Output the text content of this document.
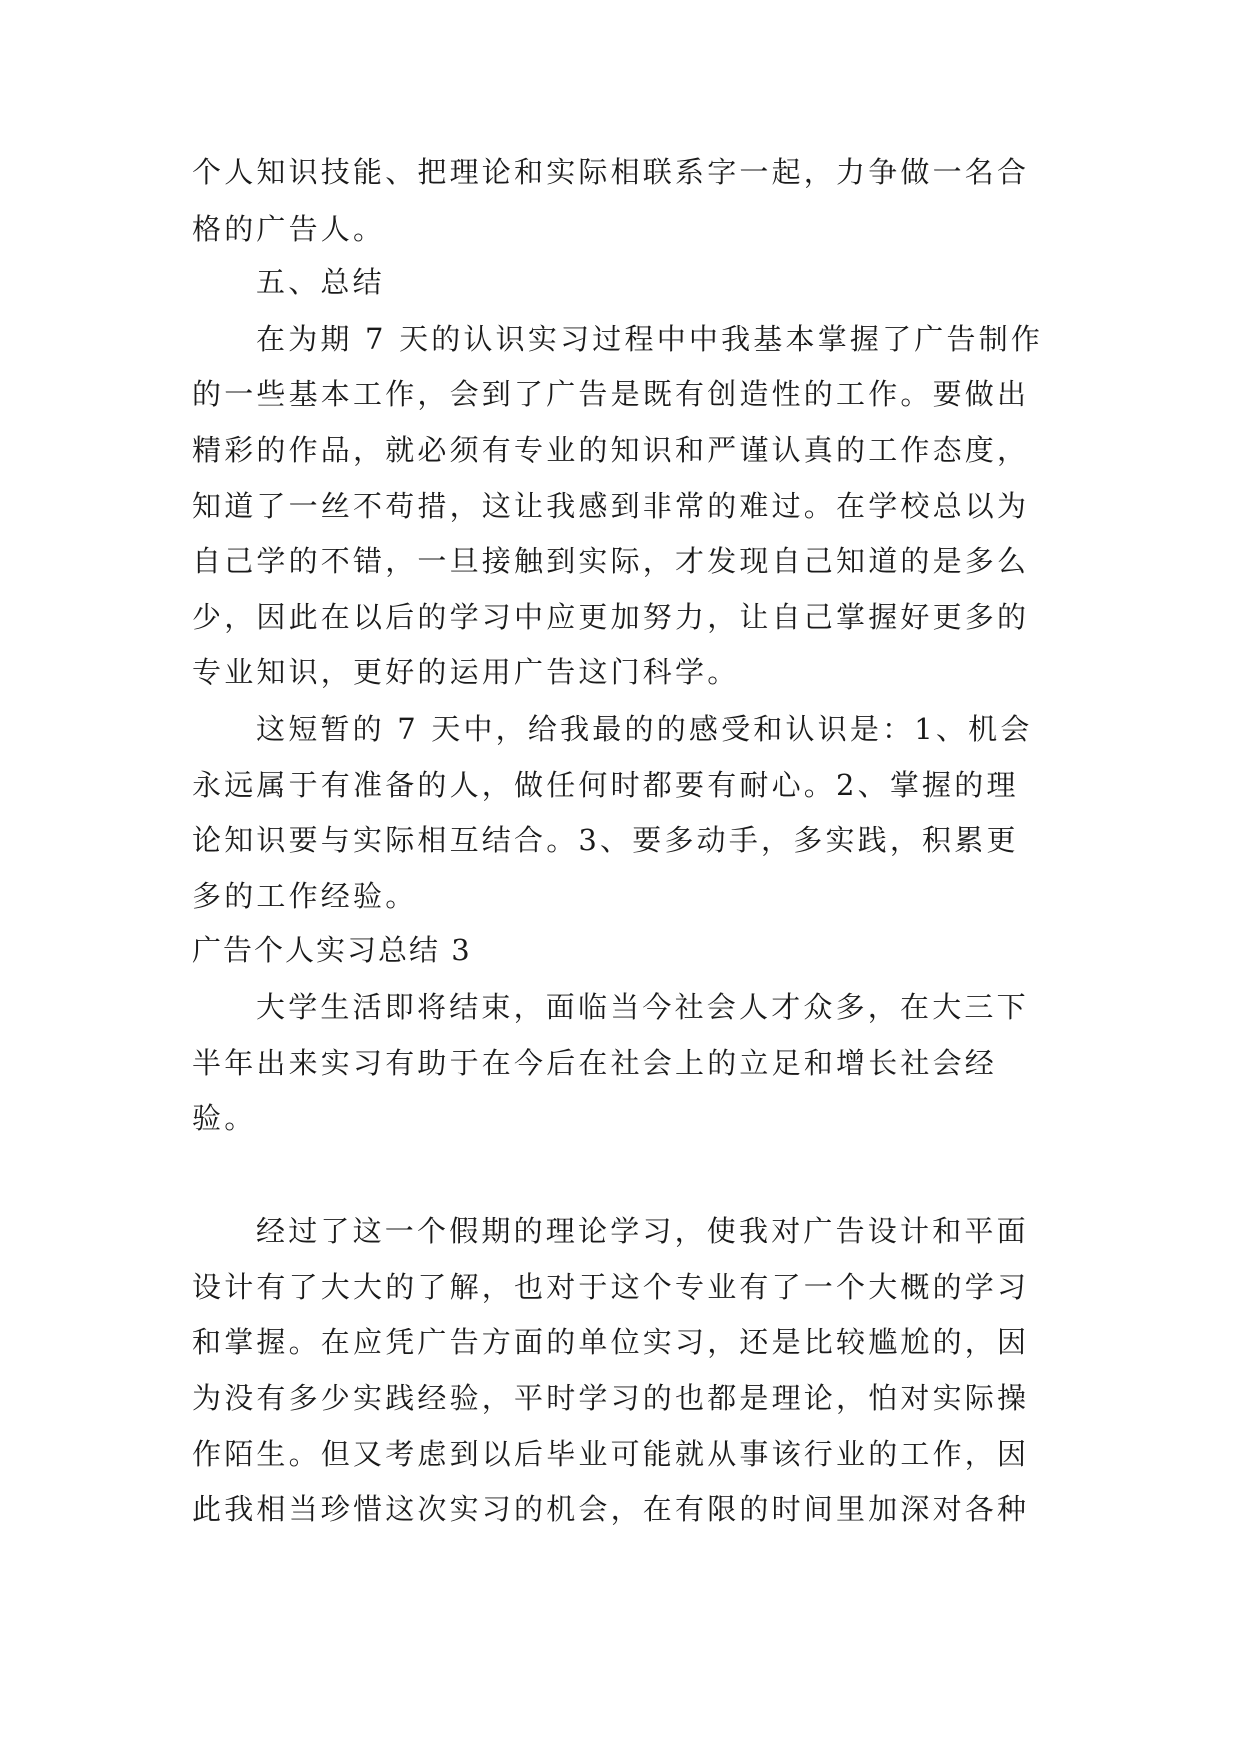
个人知识技能、把理论和实际相联系字一起，力争做一名合
格的广告人。
五、总结
在为期 7 天的认识实习过程中中我基本掌握了广告制作
的一些基本工作，会到了广告是既有创造性的工作。要做出
精彩的作品，就必须有专业的知识和严谨认真的工作态度，
知道了一丝不苟措，这让我感到非常的难过。在学校总以为
自己学的不错，一旦接触到实际，才发现自己知道的是多么
少，因此在以后的学习中应更加努力，让自己掌握好更多的
专业知识，更好的运用广告这门科学。
这短暂的 7 天中，给我最的的感受和认识是：1、机会
永远属于有准备的人，做任何时都要有耐心。2、掌握的理
论知识要与实际相互结合。3、要多动手，多实践，积累更
多的工作经验。
广告个人实习总结 3
大学生活即将结束，面临当今社会人才众多，在大三下
半年出来实习有助于在今后在社会上的立足和增长社会经
验。
经过了这一个假期的理论学习，使我对广告设计和平面
设计有了大大的了解，也对于这个专业有了一个大概的学习
和掌握。在应凭广告方面的单位实习，还是比较尴尬的，因
为没有多少实践经验，平时学习的也都是理论，怕对实际操
作陌生。但又考虑到以后毕业可能就从事该行业的工作，因
此我相当珍惜这次实习的机会，在有限的时间里加深对各种
